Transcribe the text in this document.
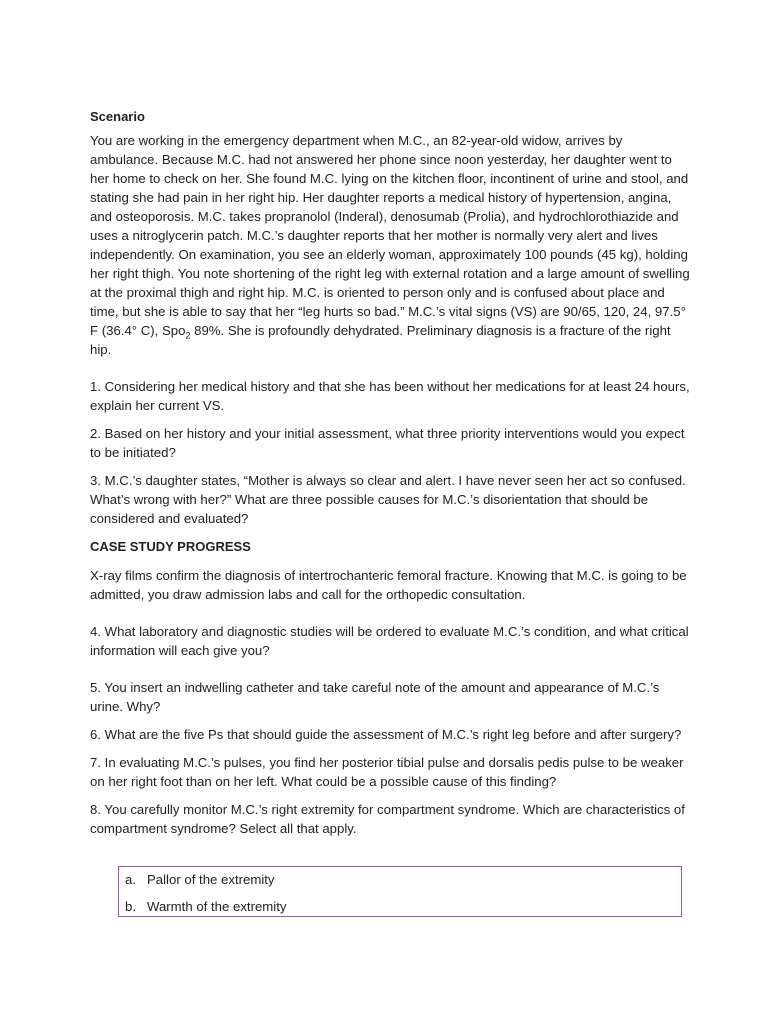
Scenario

You are working in the emergency department when M.C., an 82-year-old widow, arrives by ambulance. Because M.C. had not answered her phone since noon yesterday, her daughter went to her home to check on her. She found M.C. lying on the kitchen floor, incontinent of urine and stool, and stating she had pain in her right hip. Her daughter reports a medical history of hypertension, angina, and osteoporosis. M.C. takes propranolol (Inderal), denosumab (Prolia), and hydrochlorothiazide and uses a nitroglycerin patch. M.C.’s daughter reports that her mother is normally very alert and lives independently. On examination, you see an elderly woman, approximately 100 pounds (45 kg), holding her right thigh. You note shortening of the right leg with external rotation and a large amount of swelling at the proximal thigh and right hip. M.C. is oriented to person only and is confused about place and time, but she is able to say that her “leg hurts so bad.” M.C.’s vital signs (VS) are 90/65, 120, 24, 97.5° F (36.4° C), Spo$_2$ 89%. She is profoundly dehydrated. Preliminary diagnosis is a fracture of the right hip.

1. Considering her medical history and that she has been without her medications for at least 24 hours, explain her current VS.

2. Based on her history and your initial assessment, what three priority interventions would you expect to be initiated?

3. M.C.’s daughter states, “Mother is always so clear and alert. I have never seen her act so confused. What’s wrong with her?” What are three possible causes for M.C.’s disorientation that should be considered and evaluated?

CASE STUDY PROGRESS

X-ray films confirm the diagnosis of intertrochanteric femoral fracture. Knowing that M.C. is going to be admitted, you draw admission labs and call for the orthopedic consultation.

4. What laboratory and diagnostic studies will be ordered to evaluate M.C.’s condition, and what critical information will each give you?

5. You insert an indwelling catheter and take careful note of the amount and appearance of M.C.’s urine. Why?

6. What are the five Ps that should guide the assessment of M.C.’s right leg before and after surgery?

7. In evaluating M.C.’s pulses, you find her posterior tibial pulse and dorsalis pedis pulse to be weaker on her right foot than on her left. What could be a possible cause of this finding?

8. You carefully monitor M.C.’s right extremity for compartment syndrome. Which are characteristics of compartment syndrome? Select all that apply.

a. Pallor of the extremity
b. Warmth of the extremity
